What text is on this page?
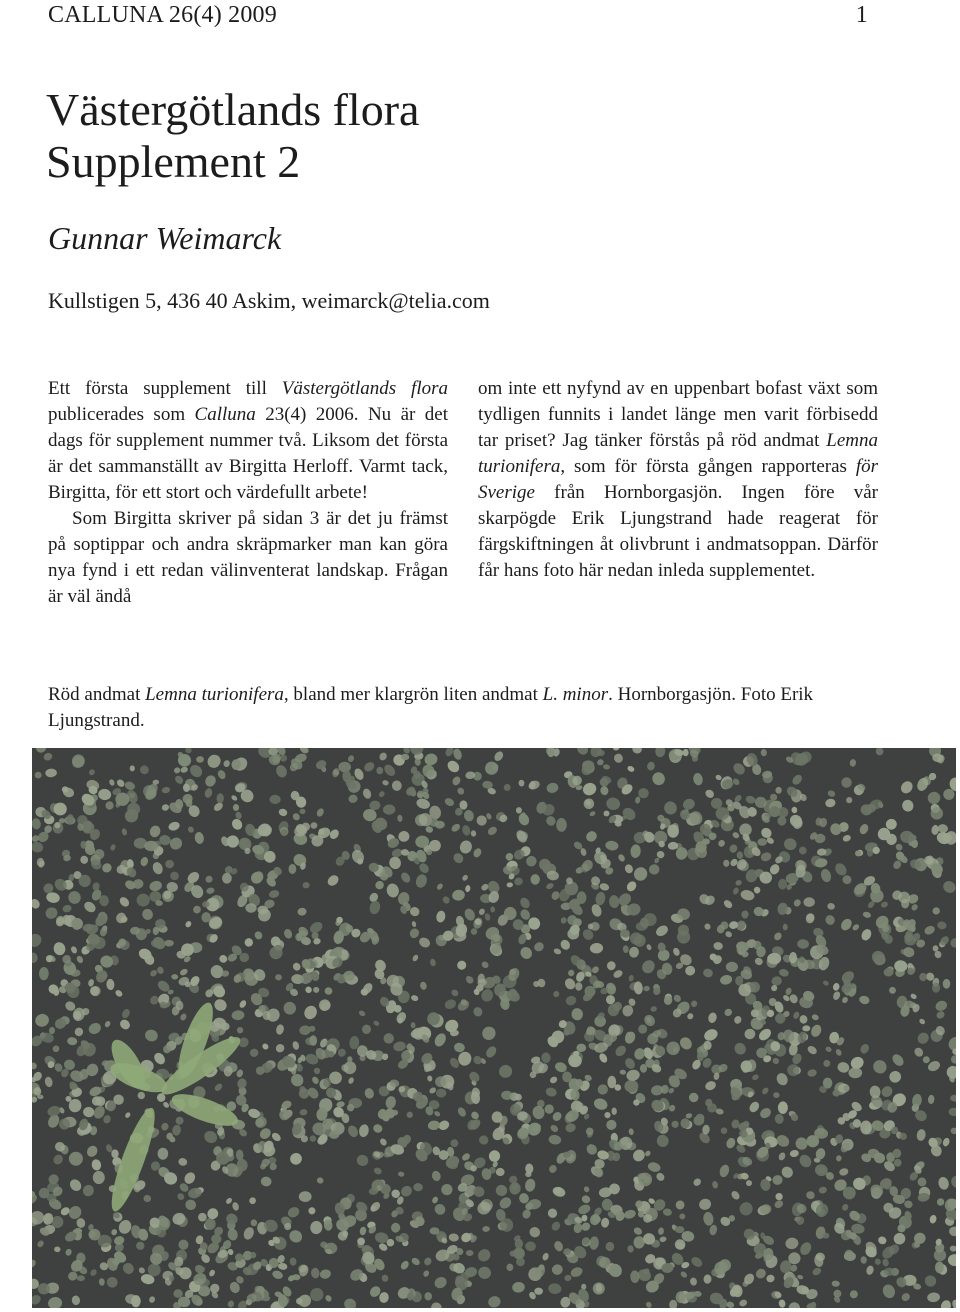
CALLUNA 26(4) 2009	1
Västergötlands flora
Supplement 2
Gunnar Weimarck
Kullstigen 5, 436 40 Askim, weimarck@telia.com

Ett första supplement till Västergötlands flora publicerades som Calluna 23(4) 2006. Nu är det dags för supplement nummer två. Liksom det första är det sammanställt av Birgitta Herloff. Varmt tack, Birgitta, för ett stort och värdefullt arbete!

Som Birgitta skriver på sidan 3 är det ju främst på soptippar och andra skräpmarker man kan göra nya fynd i ett redan välinventerat landskap. Frågan är väl ändå

om inte ett nyfynd av en uppenbart bofast växt som tydligen funnits i landet länge men varit förbisedd tar priset? Jag tänker förstås på röd andmat Lemna turionifera, som för första gången rapporteras för Sverige från Hornborgasjön. Ingen före vår skarpögde Erik Ljungstrand hade reagerat för färgskiftningen åt olivbrunt i andmatsoppan. Därför får hans foto här nedan inleda supplementet.

Röd andmat Lemna turionifera, bland mer klargrön liten andmat L. minor. Hornborgasjön. Foto Erik Ljungstrand.
